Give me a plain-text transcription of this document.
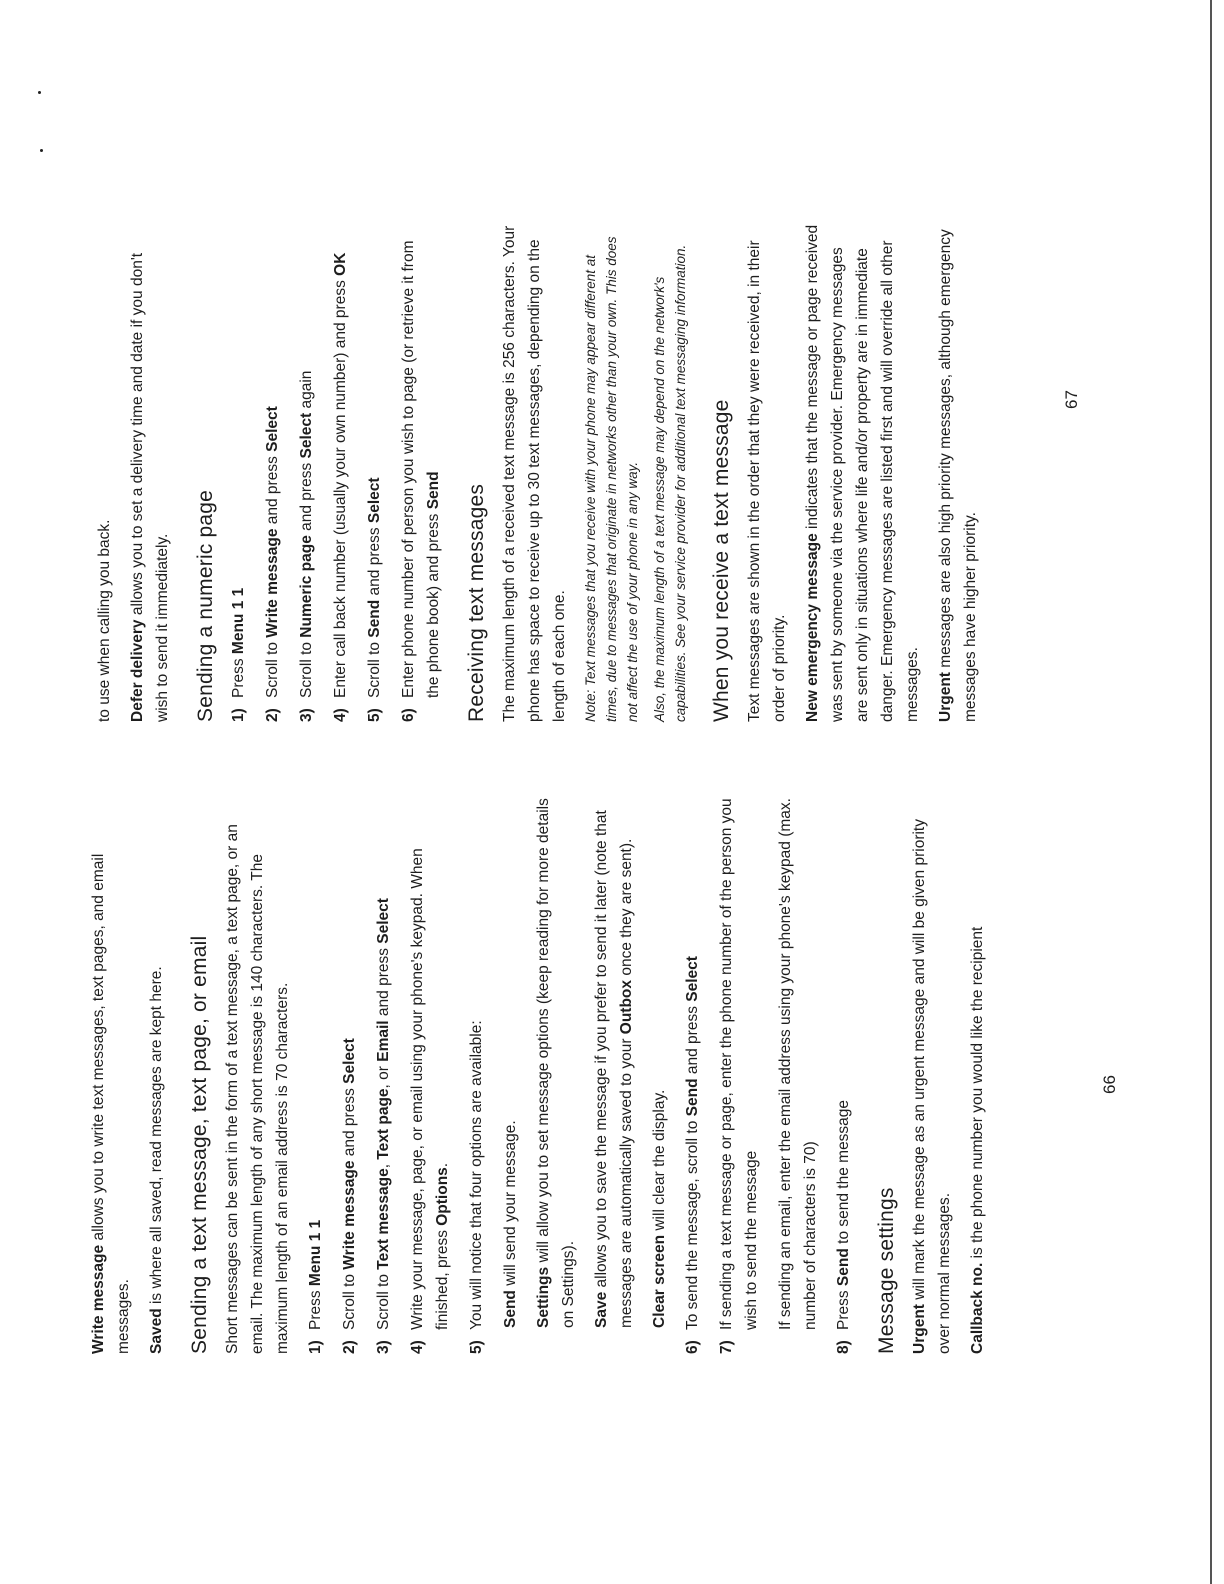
Write message allows you to write text messages, text pages, and email messages. Saved is where all saved, read messages are kept here. Sending a text message, text page, or email Short messages can be sent in the form of a text message, a text page, or an email. The maximum length of any short message is 140 characters. The maximum length of an email address is 70 characters. 1)
Press Menu 1 1
2)
Scroll to Write message and press Select
3)
Scroll to Text message, Text page, or Email and press Select
4)
Write your message, page, or email using your phone's keypad. When finished, press Options.
5)
You will notice that four options are available: Send will send your message.

Settings will allow you to set message options (keep reading for more details on Settings). Save allows you to save the message if you prefer to send it later (note that messages are automatically saved to your Outbox once they are sent).

Clear screen will clear the display.

6)
To send the message, scroll to Send and press Select
7)
If sending a text message or page, enter the phone number of the person you wish to send the message If sending an email, enter the email address using your phone's keypad (max. number of characters is 70)

8)
Press Send to send the message
Message settings Urgent will mark the message as an urgent message and will be given priority over normal messages. Callback no. is the phone number you would like the recipient	66

to use when calling you back. Defer delivery allows you to set a delivery time and date if you don't wish to send it immediately. Sending a numeric page 1)
Press Menu 1 1
2)
Scroll to Write message and press Select
3)
Scroll to Numeric page and press Select again
4)
Enter call back number (usually your own number) and press OK
5)
Scroll to Send and press Select
6)
Enter phone number of person you wish to page (or retrieve it from the phone book) and press Send Receiving text messages The maximum length of a received text message is 256 characters. Your phone has space to receive up to 30 text messages, depending on the length of each one. Note: Text messages that you receive with your phone may appear different at times, due to messages that originate in networks other than your own. This does not affect the use of your phone in any way. Also, the maximum length of a text message may depend on the network's capabilities. See your service provider for additional text messaging information. When you receive a text message Text messages are shown in the order that they were received, in their order of priority. New emergency message indicates that the message or page received was sent by someone via the service provider. Emergency messages are sent only in situations where life and/or property are in immediate danger. Emergency messages are listed first and will override all other messages. Urgent messages are also high priority messages, although emergency messages have higher priority.

67
